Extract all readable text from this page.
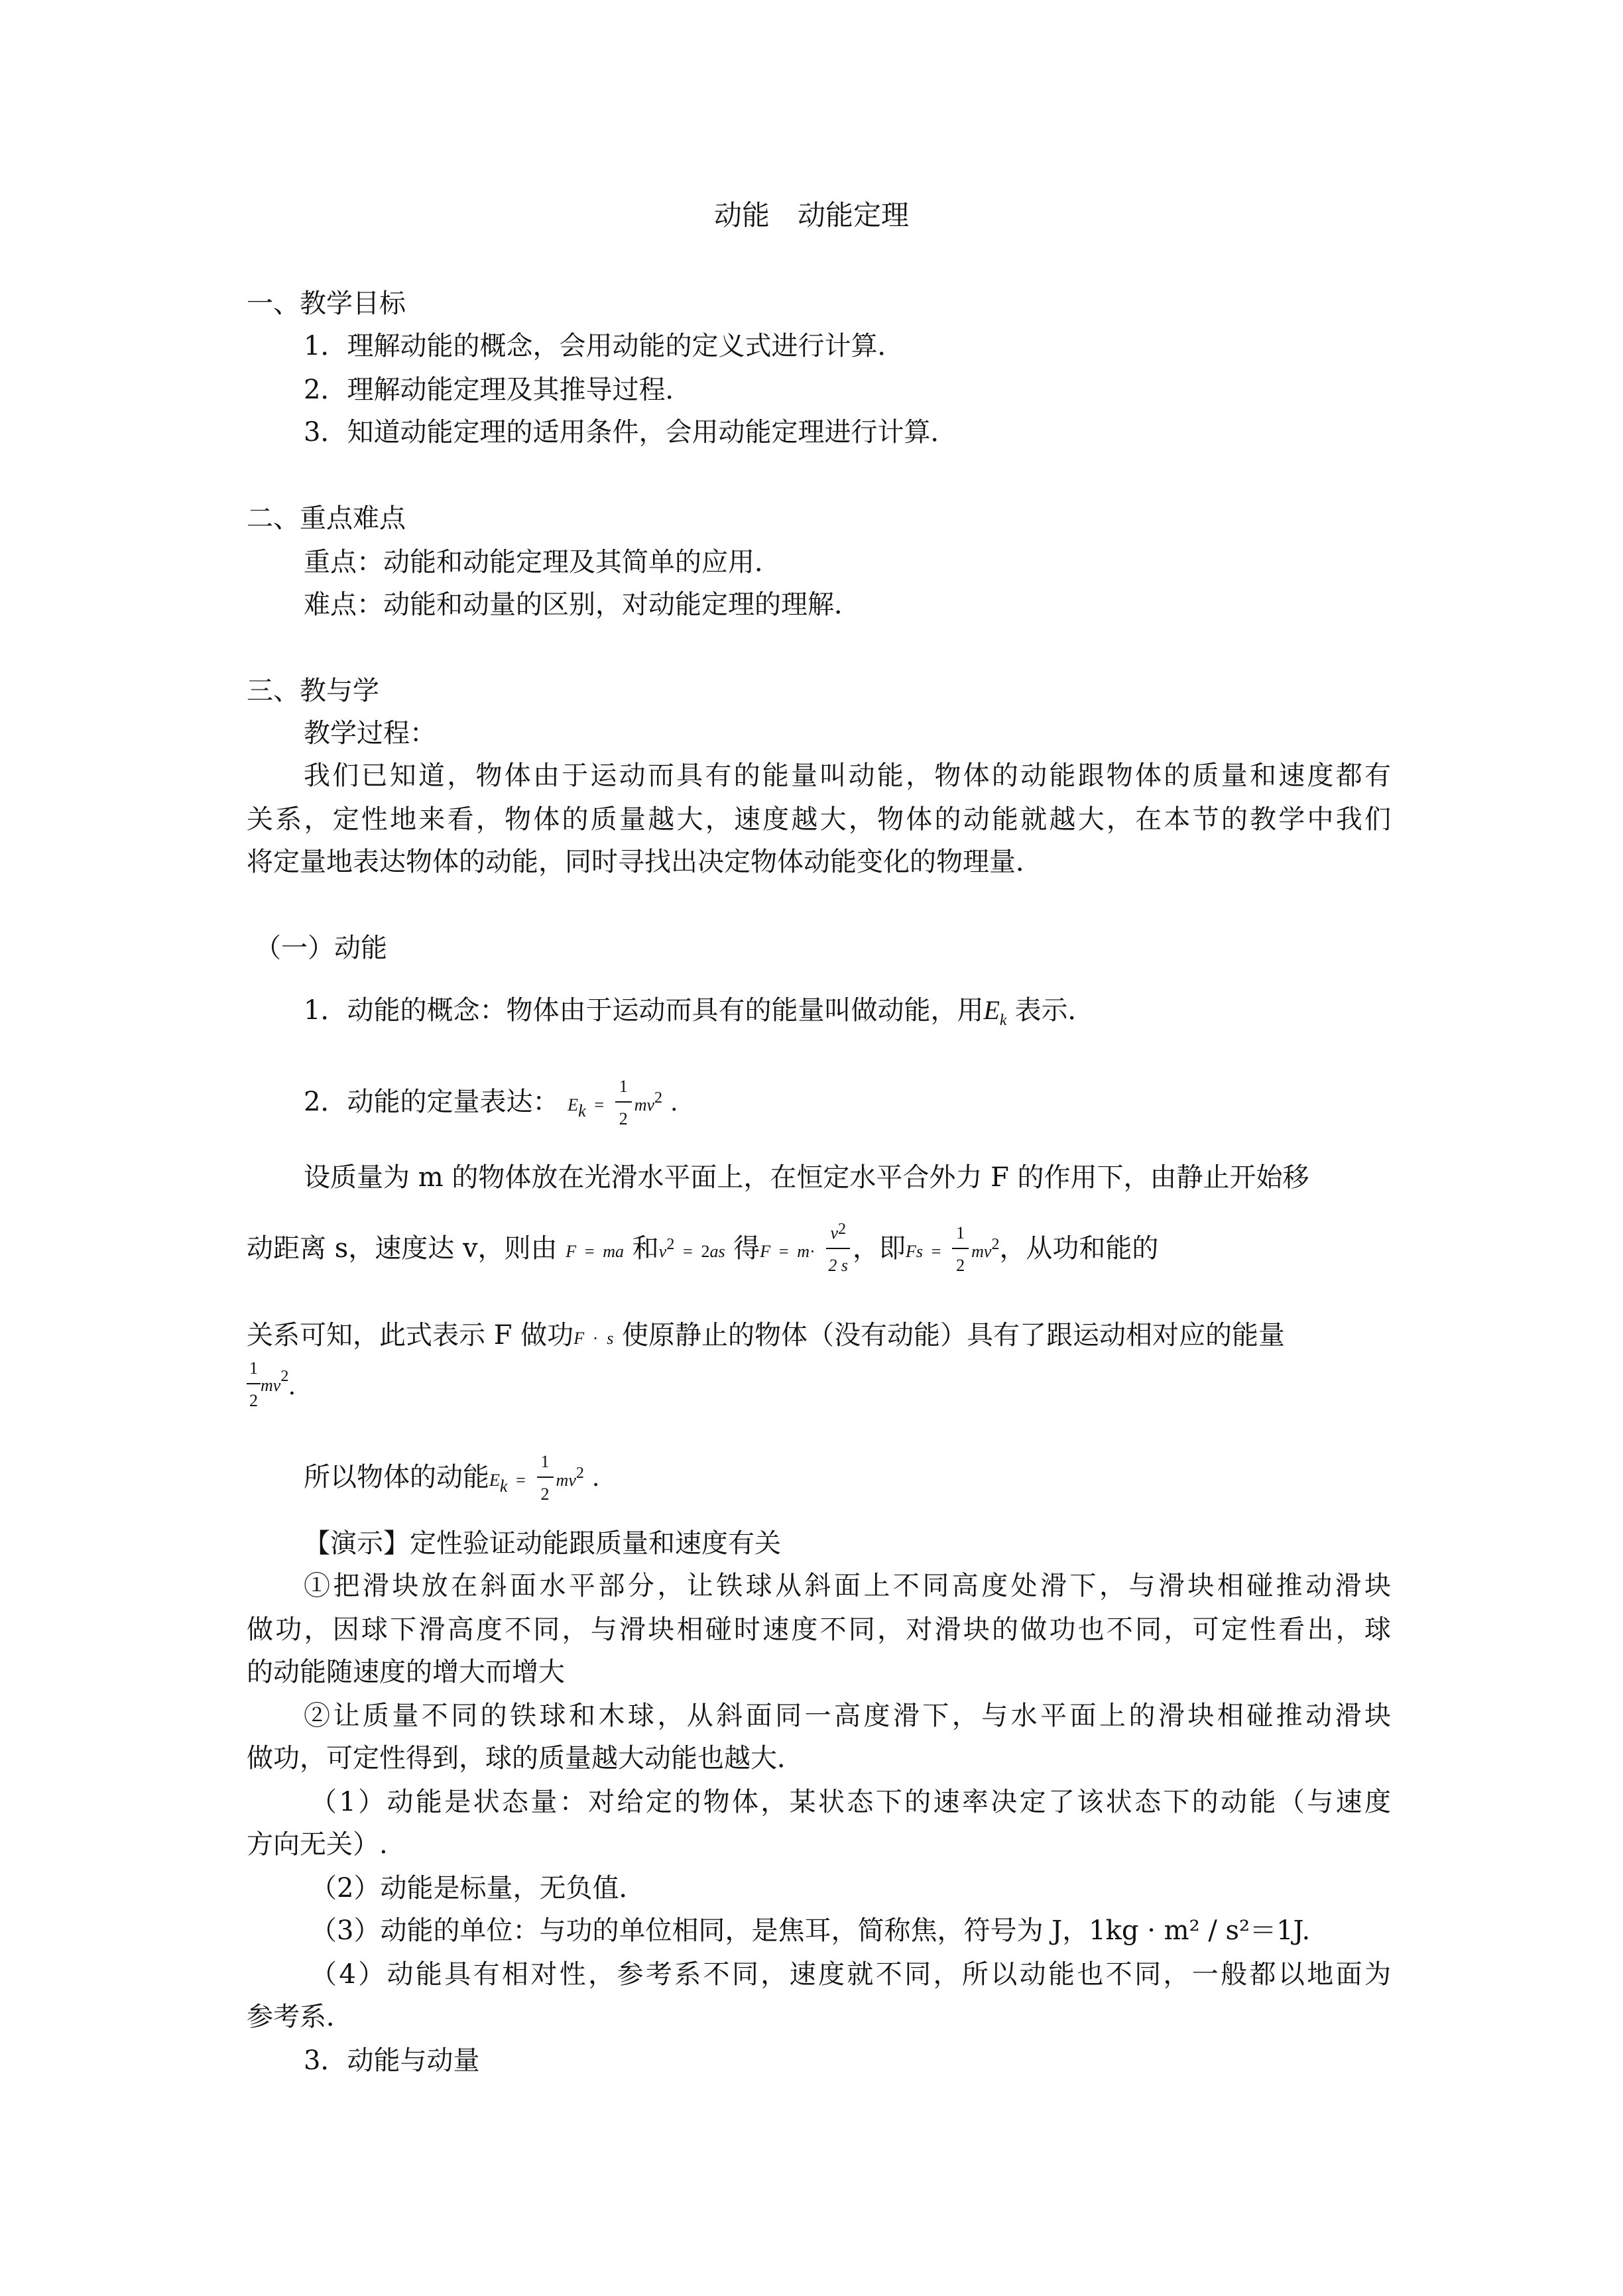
动能　动能定理
一、教学目标
1．理解动能的概念，会用动能的定义式进行计算．
2．理解动能定理及其推导过程．
3．知道动能定理的适用条件，会用动能定理进行计算．
二、重点难点
重点：动能和动能定理及其简单的应用．
难点：动能和动量的区别，对动能定理的理解．
三、教与学
教学过程：
我们已知道，物体由于运动而具有的能量叫动能，物体的动能跟物体的质量和速度都有
关系，定性地来看，物体的质量越大，速度越大，物体的动能就越大，在本节的教学中我们
将定量地表达物体的动能，同时寻找出决定物体动能变化的物理量．
（一）动能
1．动能的概念：物体由于运动而具有的能量叫做动能，用$E_k$ 表示．
2．动能的定量表达： $E_k = \frac{1}{2} mv^2$ .
设质量为 m 的物体放在光滑水平面上，在恒定水平合外力 F 的作用下，由静止开始移
动距离 s，速度达 v，则由 F = ma 和$v^2 = 2as$ 得$F = m\cdot \frac{v^2}{2 s}$ ，即$Fs = \frac{1}{2} mv^2$，从功和能的
关系可知，此式表示 F 做功F · s 使原静止的物体（没有动能）具有了跟运动相对应的能量
$\frac{1}{2} mv^2$.
所以物体的动能$E_k = \frac{1}{2} mv^2$ .
【演示】定性验证动能跟质量和速度有关
①把滑块放在斜面水平部分，让铁球从斜面上不同高度处滑下，与滑块相碰推动滑块
做功，因球下滑高度不同，与滑块相碰时速度不同，对滑块的做功也不同，可定性看出，球
的动能随速度的增大而增大
②让质量不同的铁球和木球，从斜面同一高度滑下，与水平面上的滑块相碰推动滑块
做功，可定性得到，球的质量越大动能也越大．
（1）动能是状态量：对给定的物体，某状态下的速率决定了该状态下的动能（与速度
方向无关）.
（2）动能是标量，无负值．
（3）动能的单位：与功的单位相同，是焦耳，简称焦，符号为 J，1kg · m² / s²＝1J.
（4）动能具有相对性，参考系不同，速度就不同，所以动能也不同，一般都以地面为
参考系．
3．动能与动量
